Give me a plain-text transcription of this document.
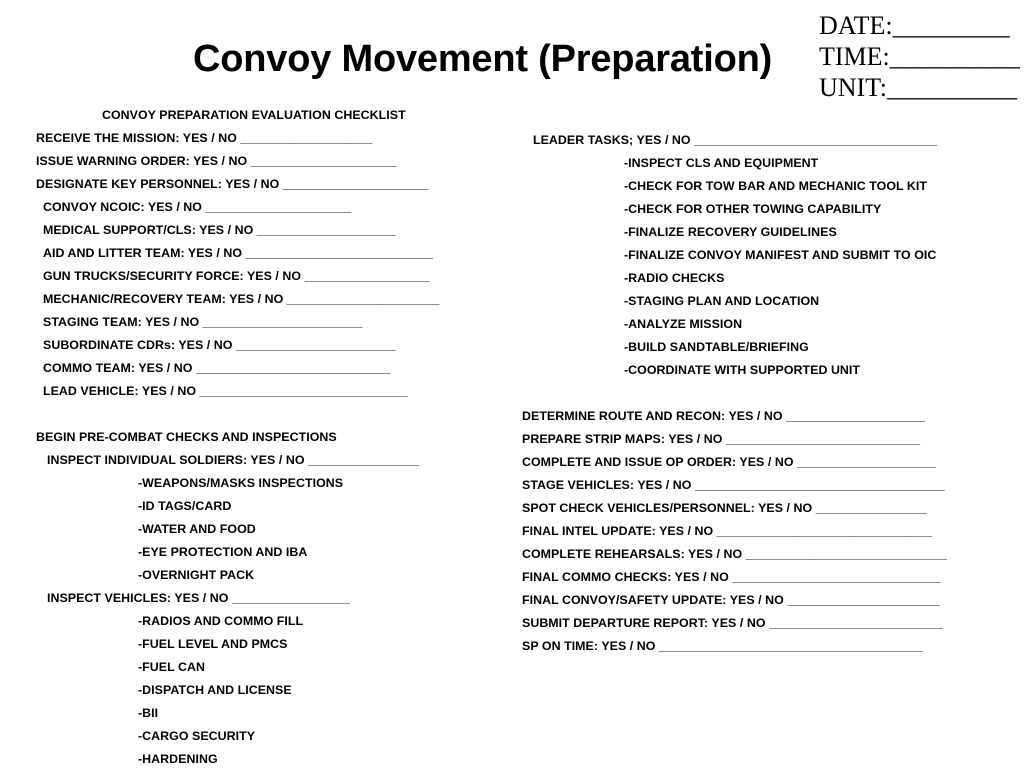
Convoy Movement (Preparation)
DATE:_________
TIME:__________
UNIT:__________
CONVOY PREPARATION EVALUATION CHECKLIST
RECEIVE THE MISSION: YES / NO ___________________
ISSUE WARNING ORDER: YES / NO _____________________
DESIGNATE KEY PERSONNEL: YES / NO _____________________
CONVOY NCOIC: YES / NO _____________________
MEDICAL SUPPORT/CLS: YES / NO ____________________
AID AND LITTER TEAM: YES / NO ___________________________
GUN TRUCKS/SECURITY FORCE: YES / NO __________________
MECHANIC/RECOVERY TEAM: YES / NO ______________________
STAGING TEAM: YES / NO _______________________
SUBORDINATE CDRs: YES / NO _______________________
COMMO TEAM: YES / NO ____________________________
LEAD VEHICLE: YES / NO ______________________________
BEGIN PRE-COMBAT CHECKS AND INSPECTIONS
INSPECT INDIVIDUAL SOLDIERS: YES / NO ________________
-WEAPONS/MASKS INSPECTIONS
-ID TAGS/CARD
-WATER AND FOOD
-EYE PROTECTION AND IBA
-OVERNIGHT PACK
INSPECT VEHICLES: YES / NO _________________
-RADIOS AND COMMO FILL
-FUEL LEVEL AND PMCS
-FUEL CAN
-DISPATCH AND LICENSE
-BII
-CARGO SECURITY
-HARDENING
LEADER TASKS; YES / NO ___________________________________
-INSPECT CLS AND EQUIPMENT
-CHECK FOR TOW BAR AND MECHANIC TOOL KIT
-CHECK FOR OTHER TOWING CAPABILITY
-FINALIZE RECOVERY GUIDELINES
-FINALIZE CONVOY MANIFEST AND SUBMIT TO OIC
-RADIO CHECKS
-STAGING PLAN AND LOCATION
-ANALYZE MISSION
-BUILD SANDTABLE/BRIEFING
-COORDINATE WITH SUPPORTED UNIT
DETERMINE ROUTE AND RECON: YES / NO ____________________
PREPARE STRIP MAPS: YES / NO ____________________________
COMPLETE AND ISSUE OP ORDER: YES / NO ____________________
STAGE VEHICLES: YES / NO ____________________________________
SPOT CHECK VEHICLES/PERSONNEL: YES / NO ________________
FINAL INTEL UPDATE: YES / NO _______________________________
COMPLETE REHEARSALS: YES / NO _____________________________
FINAL COMMO CHECKS: YES / NO ______________________________
FINAL CONVOY/SAFETY UPDATE: YES / NO ______________________
SUBMIT DEPARTURE REPORT: YES / NO _________________________
SP ON TIME: YES / NO ______________________________________
